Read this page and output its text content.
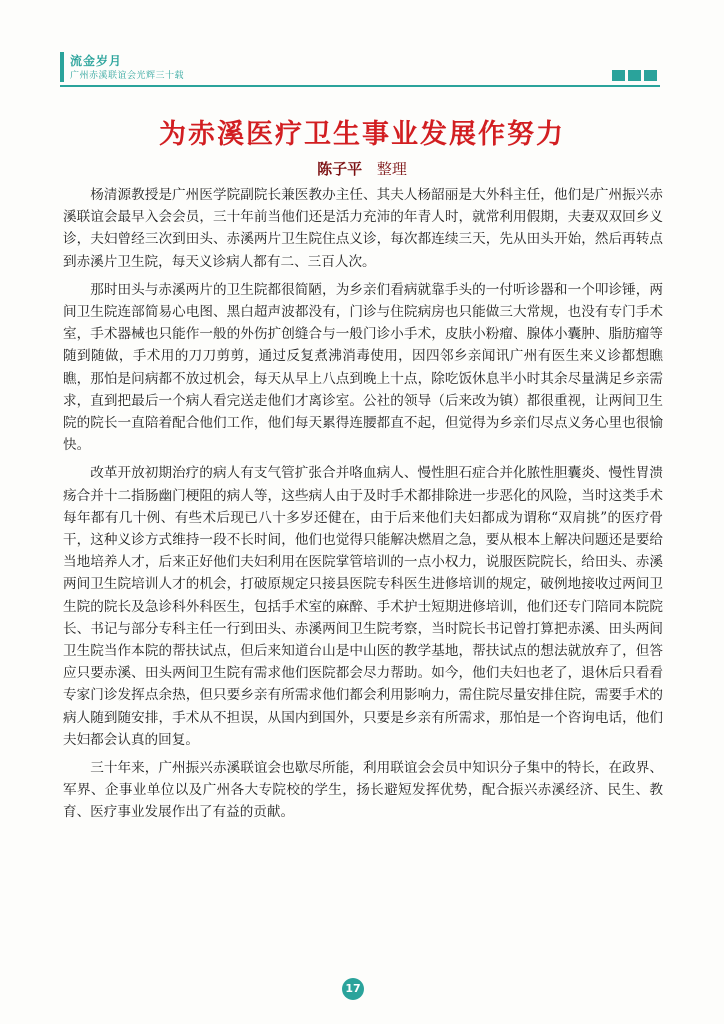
流金岁月
广州赤溪联谊会光辉三十载
为赤溪医疗卫生事业发展作努力
陈子平 整理

杨清源教授是广州医学院副院长兼医教办主任、其夫人杨韶丽是大外科主任，他们是广州振兴赤溪联谊会最早入会会员，三十年前当他们还是活力充沛的年青人时，就常利用假期，夫妻双双回乡义诊，夫妇曾经三次到田头、赤溪两片卫生院住点义诊，每次都连续三天，先从田头开始，然后再转点到赤溪片卫生院，每天义诊病人都有二、三百人次。

那时田头与赤溪两片的卫生院都很简陋，为乡亲们看病就靠手头的一付听诊器和一个叩诊锤，两间卫生院连部简易心电图、黑白超声波都没有，门诊与住院病房也只能做三大常规，也没有专门手术室，手术器械也只能作一般的外伤扩创缝合与一般门诊小手术，皮肤小粉瘤、腺体小囊肿、脂肪瘤等随到随做，手术用的刀刀剪剪，通过反复煮沸消毒使用，因四邻乡亲闻讯广州有医生来义诊都想瞧瞧，那怕是问病都不放过机会，每天从早上八点到晚上十点，除吃饭休息半小时其余尽量满足乡亲需求，直到把最后一个病人看完送走他们才离诊室。公社的领导（后来改为镇）都很重视，让两间卫生院的院长一直陪着配合他们工作，他们每天累得连腰都直不起，但觉得为乡亲们尽点义务心里也很愉快。

改革开放初期治疗的病人有支气管扩张合并咯血病人、慢性胆石症合并化脓性胆囊炎、慢性胃溃疡合并十二指肠幽门梗阻的病人等，这些病人由于及时手术都排除进一步恶化的风险，当时这类手术每年都有几十例、有些术后现已八十多岁还健在，由于后来他们夫妇都成为谓称“双肩挑”的医疗骨干，这种义诊方式维持一段不长时间，他们也觉得只能解决燃眉之急，要从根本上解决问题还是要给当地培养人才，后来正好他们夫妇利用在医院掌管培训的一点小权力，说服医院院长，给田头、赤溪两间卫生院培训人才的机会，打破原规定只接县医院专科医生进修培训的规定，破例地接收过两间卫生院的院长及急诊科外科医生，包括手术室的麻醉、手术护士短期进修培训，他们还专门陪同本院院长、书记与部分专科主任一行到田头、赤溪两间卫生院考察，当时院长书记曾打算把赤溪、田头两间卫生院当作本院的帮扶试点，但后来知道台山是中山医的教学基地，帮扶试点的想法就放弃了，但答应只要赤溪、田头两间卫生院有需求他们医院都会尽力帮助。如今，他们夫妇也老了，退休后只看看专家门诊发挥点余热，但只要乡亲有所需求他们都会利用影响力，需住院尽量安排住院，需要手术的病人随到随安排，手术从不担误，从国内到国外，只要是乡亲有所需求，那怕是一个咨询电话，他们夫妇都会认真的回复。

三十年来，广州振兴赤溪联谊会也歇尽所能，利用联谊会会员中知识分子集中的特长，在政界、军界、企事业单位以及广州各大专院校的学生，扬长避短发挥优势，配合振兴赤溪经济、民生、教育、医疗事业发展作出了有益的贡献。

17
